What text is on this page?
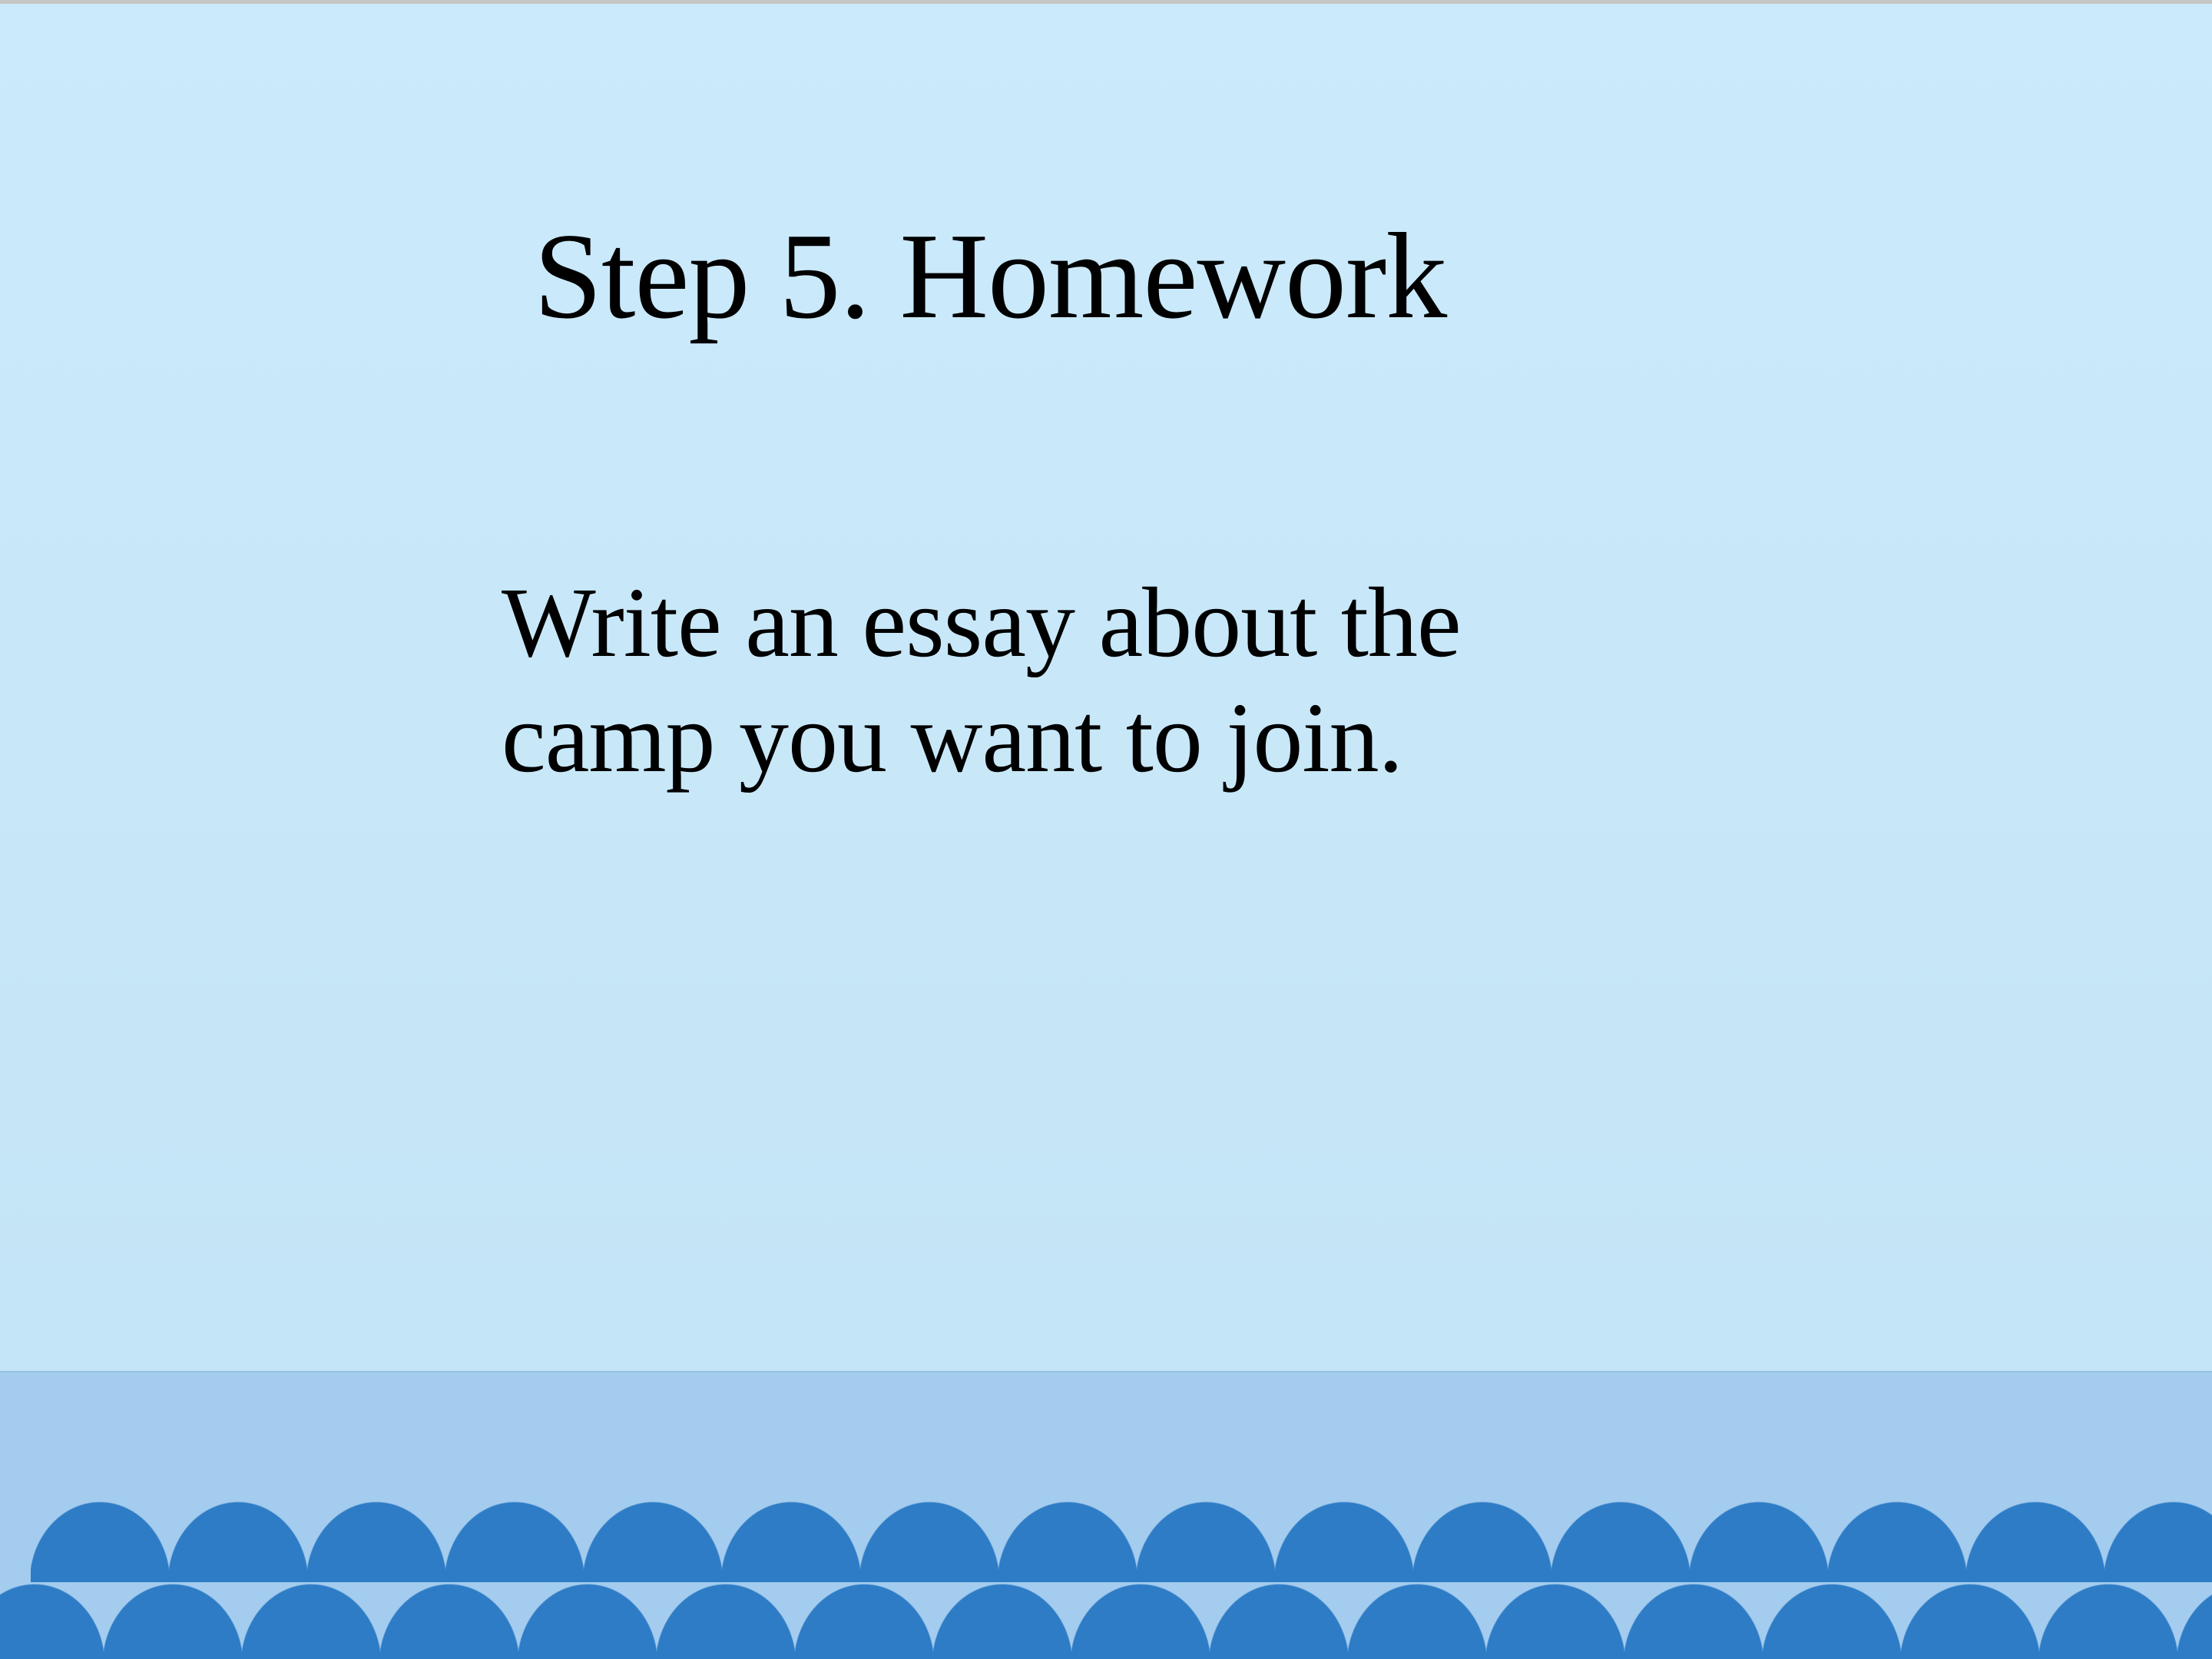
Step 5. Homework
Write an essay about the
camp you want to join.
